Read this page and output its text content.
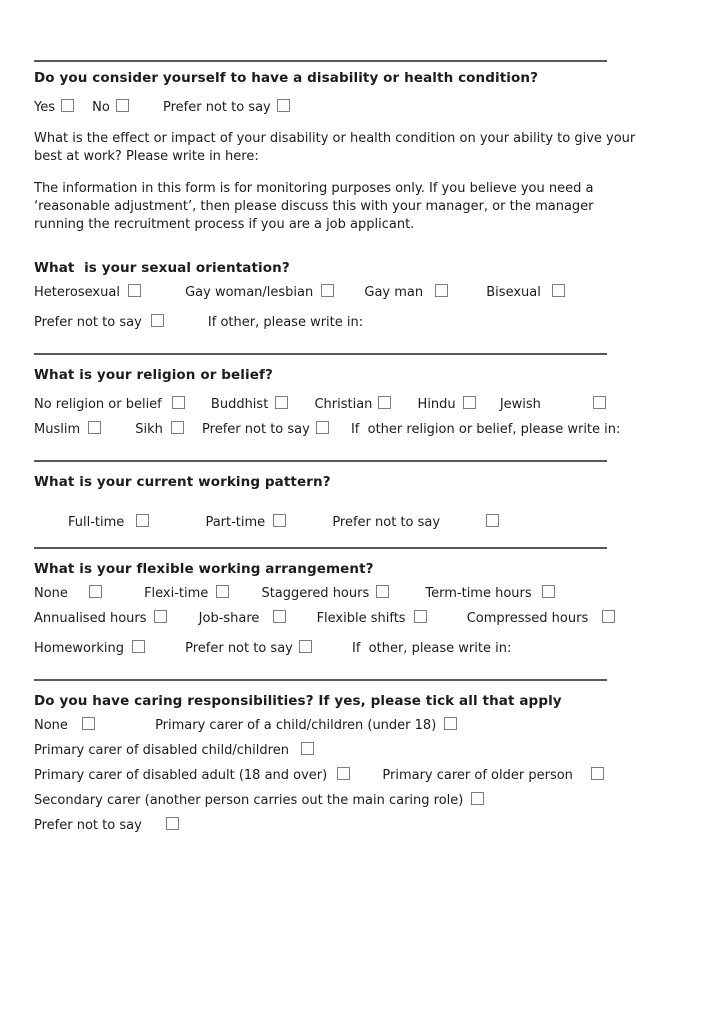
Do you consider yourself to have a disability or health condition?
Yes	No	Prefer not to say
What is the effect or impact of your disability or health condition on your ability to give your best at work? Please write in here:
The information in this form is for monitoring purposes only. If you believe you need a ‘reasonable adjustment’, then please discuss this with your manager, or the manager running the recruitment process if you are a job applicant.
What  is your sexual orientation?
Heterosexual	Gay woman/lesbian	Gay man	Bisexual
Prefer not to say	If other, please write in:
What is your religion or belief?
No religion or belief	Buddhist	Christian	Hindu	Jewish
Muslim	Sikh	Prefer not to say	If  other religion or belief, please write in:
What is your current working pattern?
Full-time	Part-time	Prefer not to say
What is your flexible working arrangement?
None	Flexi-time	Staggered hours	Term-time hours
Annualised hours	Job-share	Flexible shifts	Compressed hours
Homeworking	Prefer not to say	If  other, please write in:
Do you have caring responsibilities? If yes, please tick all that apply
None	Primary carer of a child/children (under 18)
Primary carer of disabled child/children
Primary carer of disabled adult (18 and over)	Primary carer of older person
Secondary carer (another person carries out the main caring role)
Prefer not to say
